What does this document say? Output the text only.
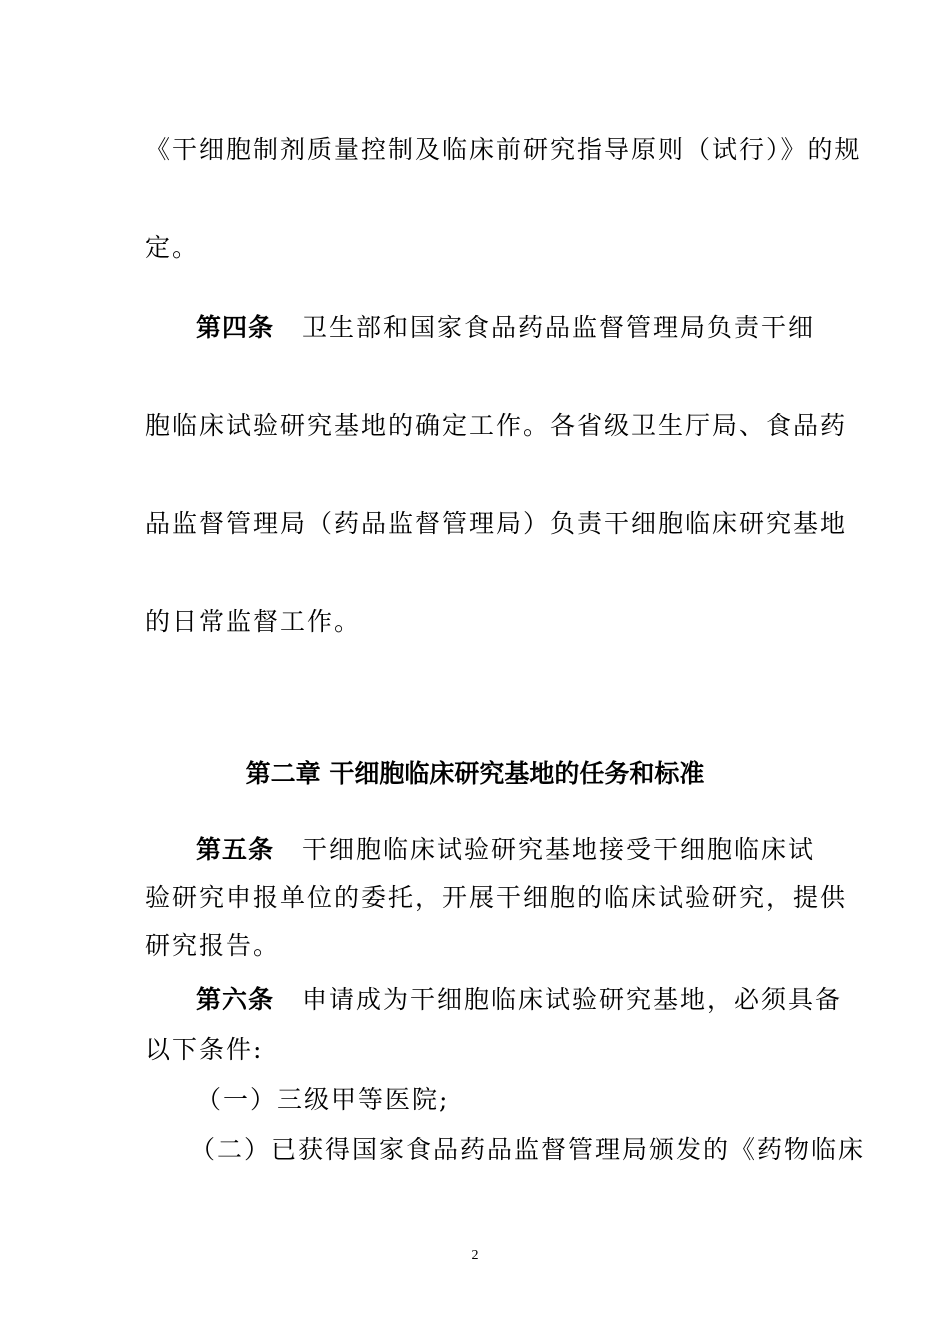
《干细胞制剂质量控制及临床前研究指导原则（试行）》的规
定。
第四条 卫生部和国家食品药品监督管理局负责干细
胞临床试验研究基地的确定工作。各省级卫生厅局、食品药
品监督管理局（药品监督管理局）负责干细胞临床研究基地
的日常监督工作。
第二章 干细胞临床研究基地的任务和标准
第五条 干细胞临床试验研究基地接受干细胞临床试
验研究申报单位的委托，开展干细胞的临床试验研究，提供
研究报告。
第六条 申请成为干细胞临床试验研究基地，必须具备
以下条件:
（一）三级甲等医院;
（二）已获得国家食品药品监督管理局颁发的《药物临床
2
